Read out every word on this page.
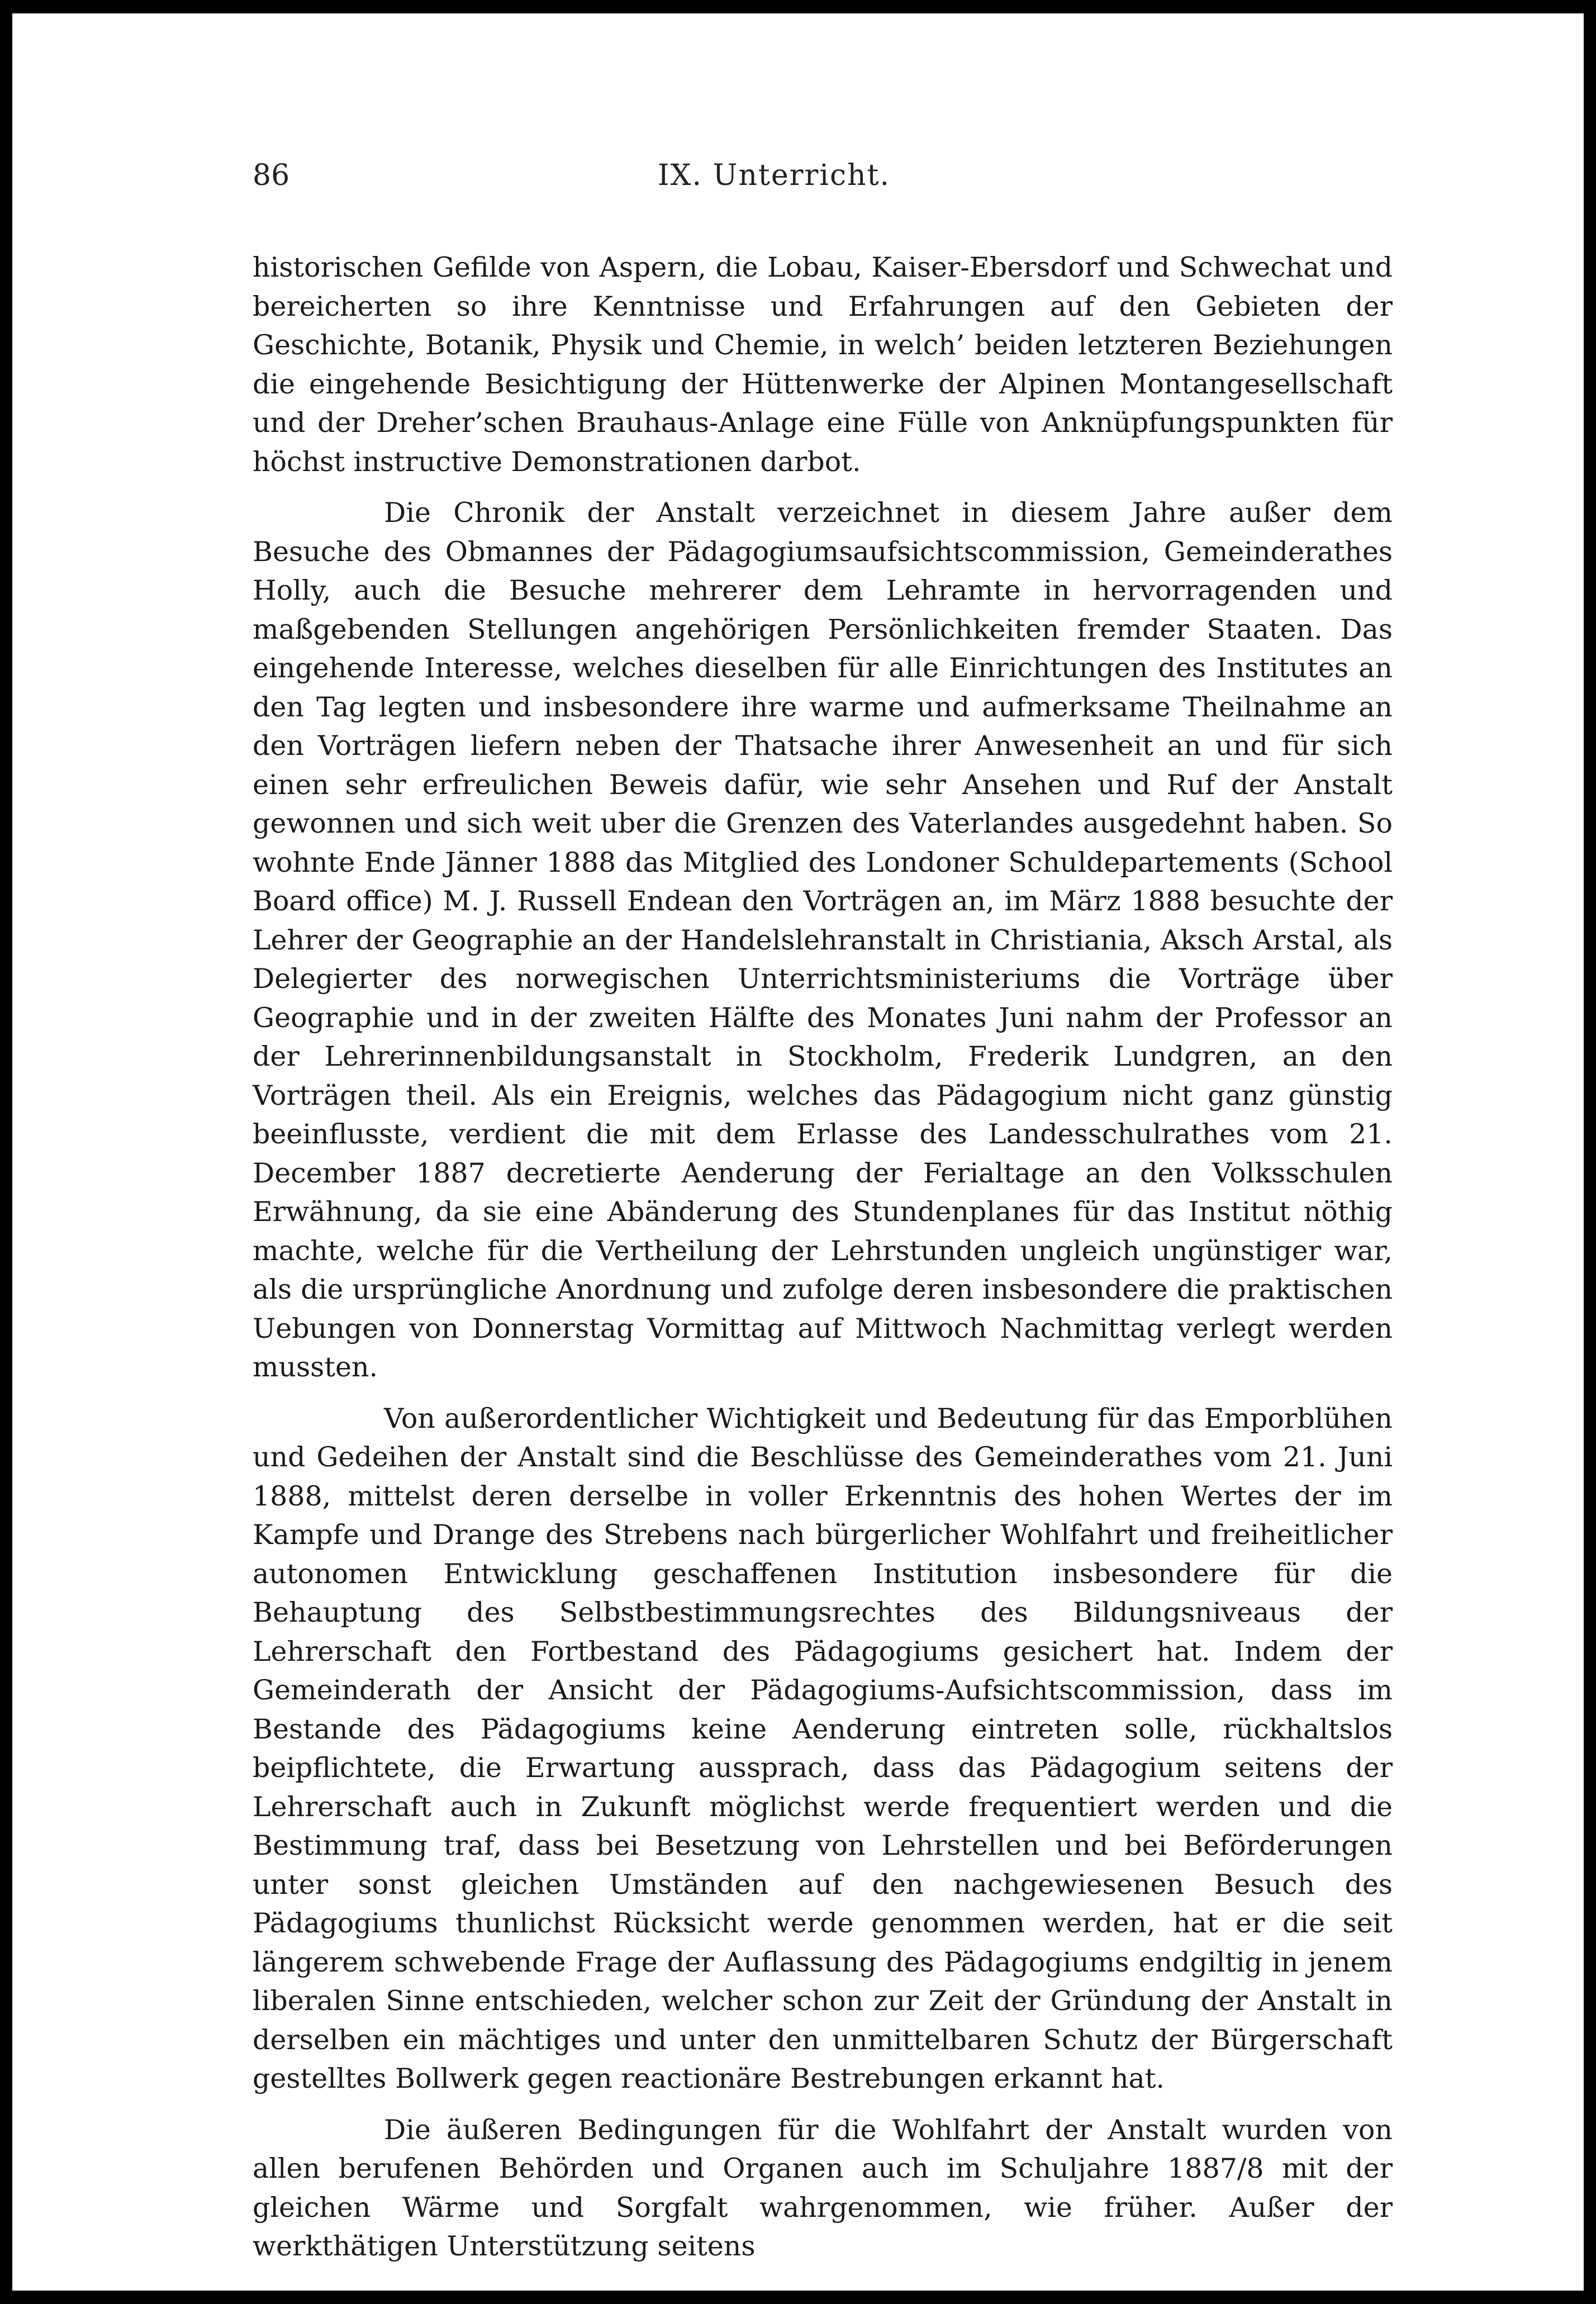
86	IX. Unterricht.

historischen Gefilde von Aspern, die Lobau, Kaiser-Ebersdorf und Schwechat und bereicherten so ihre Kenntnisse und Erfahrungen auf den Gebieten der Geschichte, Botanik, Physik und Chemie, in welch’ beiden letzteren Beziehungen die eingehende Besichtigung der Hüttenwerke der Alpinen Montangesellschaft und der Dreher’schen Brauhaus-Anlage eine Fülle von Anknüpfungspunkten für höchst instructive Demonstrationen darbot.

Die Chronik der Anstalt verzeichnet in diesem Jahre außer dem Besuche des Obmannes der Pädagogiumsaufsichtscommission, Gemeinderathes Holly, auch die Besuche mehrerer dem Lehramte in hervorragenden und maßgebenden Stellungen angehörigen Persönlichkeiten fremder Staaten. Das eingehende Interesse, welches dieselben für alle Einrichtungen des Institutes an den Tag legten und insbesondere ihre warme und aufmerksame Theilnahme an den Vorträgen liefern neben der Thatsache ihrer Anwesenheit an und für sich einen sehr erfreulichen Beweis dafür, wie sehr Ansehen und Ruf der Anstalt gewonnen und sich weit uber die Grenzen des Vaterlandes ausgedehnt haben. So wohnte Ende Jänner 1888 das Mitglied des Londoner Schuldepartements (School Board office) M. J. Russell Endean den Vorträgen an, im März 1888 besuchte der Lehrer der Geographie an der Handelslehranstalt in Christiania, Aksch Arstal, als Delegierter des norwegischen Unterrichtsministeriums die Vorträge über Geographie und in der zweiten Hälfte des Monates Juni nahm der Professor an der Lehrerinnenbildungsanstalt in Stockholm, Frederik Lundgren, an den Vorträgen theil. Als ein Ereignis, welches das Pädagogium nicht ganz günstig beeinflusste, verdient die mit dem Erlasse des Landesschulrathes vom 21. December 1887 decretierte Aenderung der Ferialtage an den Volksschulen Erwähnung, da sie eine Abänderung des Stundenplanes für das Institut nöthig machte, welche für die Vertheilung der Lehrstunden ungleich ungünstiger war, als die ursprüngliche Anordnung und zufolge deren insbesondere die praktischen Uebungen von Donnerstag Vormittag auf Mittwoch Nachmittag verlegt werden mussten.

Von außerordentlicher Wichtigkeit und Bedeutung für das Emporblühen und Gedeihen der Anstalt sind die Beschlüsse des Gemeinderathes vom 21. Juni 1888, mittelst deren derselbe in voller Erkenntnis des hohen Wertes der im Kampfe und Drange des Strebens nach bürgerlicher Wohlfahrt und freiheitlicher autonomen Entwicklung geschaffenen Institution insbesondere für die Behauptung des Selbstbestimmungsrechtes des Bildungsniveaus der Lehrerschaft den Fortbestand des Pädagogiums gesichert hat. Indem der Gemeinderath der Ansicht der Pädagogiums-Aufsichtscommission, dass im Bestande des Pädagogiums keine Aenderung eintreten solle, rückhaltslos beipflichtete, die Erwartung aussprach, dass das Pädagogium seitens der Lehrerschaft auch in Zukunft möglichst werde frequentiert werden und die Bestimmung traf, dass bei Besetzung von Lehrstellen und bei Beförderungen unter sonst gleichen Umständen auf den nachgewiesenen Besuch des Pädagogiums thunlichst Rücksicht werde genommen werden, hat er die seit längerem schwebende Frage der Auflassung des Pädagogiums endgiltig in jenem liberalen Sinne entschieden, welcher schon zur Zeit der Gründung der Anstalt in derselben ein mächtiges und unter den unmittelbaren Schutz der Bürgerschaft gestelltes Bollwerk gegen reactionäre Bestrebungen erkannt hat.

Die äußeren Bedingungen für die Wohlfahrt der Anstalt wurden von allen berufenen Behörden und Organen auch im Schuljahre 1887/8 mit der gleichen Wärme und Sorgfalt wahrgenommen, wie früher. Außer der werkthätigen Unterstützung seitens
